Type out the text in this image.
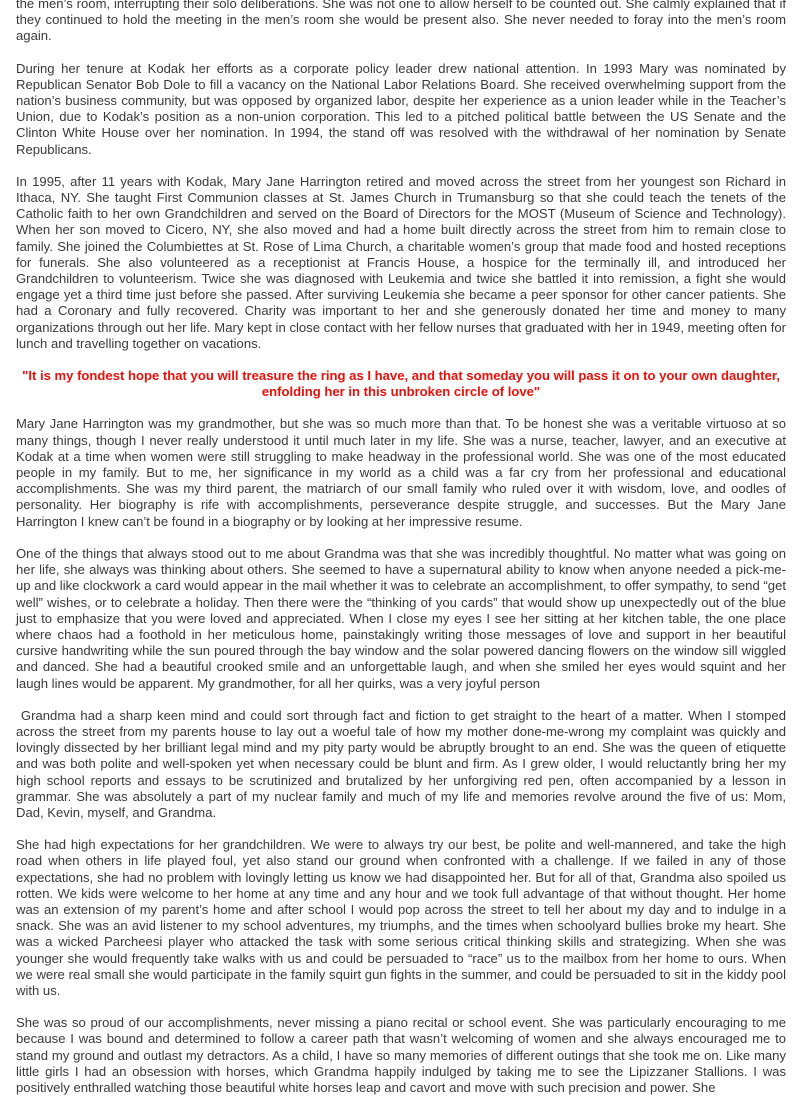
the men’s room, interrupting their solo deliberations. She was not one to allow herself to be counted out. She calmly explained that if they continued to hold the meeting in the men’s room she would be present also. She never needed to foray into the men’s room again.

During her tenure at Kodak her efforts as a corporate policy leader drew national attention. In 1993 Mary was nominated by Republican Senator Bob Dole to fill a vacancy on the National Labor Relations Board. She received overwhelming support from the nation’s business community, but was opposed by organized labor, despite her experience as a union leader while in the Teacher’s Union, due to Kodak’s position as a non-union corporation. This led to a pitched political battle between the US Senate and the Clinton White House over her nomination. In 1994, the stand off was resolved with the withdrawal of her nomination by Senate Republicans.

In 1995, after 11 years with Kodak, Mary Jane Harrington retired and moved across the street from her youngest son Richard in Ithaca, NY. She taught First Communion classes at St. James Church in Trumansburg so that she could teach the tenets of the Catholic faith to her own Grandchildren and served on the Board of Directors for the MOST (Museum of Science and Technology). When her son moved to Cicero, NY, she also moved and had a home built directly across the street from him to remain close to family. She joined the Columbiettes at St. Rose of Lima Church, a charitable women’s group that made food and hosted receptions for funerals. She also volunteered as a receptionist at Francis House, a hospice for the terminally ill, and introduced her Grandchildren to volunteerism. Twice she was diagnosed with Leukemia and twice she battled it into remission, a fight she would engage yet a third time just before she passed. After surviving Leukemia she became a peer sponsor for other cancer patients. She had a Coronary and fully recovered. Charity was important to her and she generously donated her time and money to many organizations through out her life. Mary kept in close contact with her fellow nurses that graduated with her in 1949, meeting often for lunch and travelling together on vacations.

"It is my fondest hope that you will treasure the ring as I have, and that someday you will pass it on to your own daughter, enfolding her in this unbroken circle of love"

Mary Jane Harrington was my grandmother, but she was so much more than that. To be honest she was a veritable virtuoso at so many things, though I never really understood it until much later in my life. She was a nurse, teacher, lawyer, and an executive at Kodak at a time when women were still struggling to make headway in the professional world. She was one of the most educated people in my family. But to me, her significance in my world as a child was a far cry from her professional and educational accomplishments. She was my third parent, the matriarch of our small family who ruled over it with wisdom, love, and oodles of personality. Her biography is rife with accomplishments, perseverance despite struggle, and successes. But the Mary Jane Harrington I knew can’t be found in a biography or by looking at her impressive resume.

One of the things that always stood out to me about Grandma was that she was incredibly thoughtful. No matter what was going on her life, she always was thinking about others. She seemed to have a supernatural ability to know when anyone needed a pick-me-up and like clockwork a card would appear in the mail whether it was to celebrate an accomplishment, to offer sympathy, to send “get well” wishes, or to celebrate a holiday. Then there were the “thinking of you cards” that would show up unexpectedly out of the blue just to emphasize that you were loved and appreciated. When I close my eyes I see her sitting at her kitchen table, the one place where chaos had a foothold in her meticulous home, painstakingly writing those messages of love and support in her beautiful cursive handwriting while the sun poured through the bay window and the solar powered dancing flowers on the window sill wiggled and danced. She had a beautiful crooked smile and an unforgettable laugh, and when she smiled her eyes would squint and her laugh lines would be apparent. My grandmother, for all her quirks, was a very joyful person

Grandma had a sharp keen mind and could sort through fact and fiction to get straight to the heart of a matter. When I stomped across the street from my parents house to lay out a woeful tale of how my mother done-me-wrong my complaint was quickly and lovingly dissected by her brilliant legal mind and my pity party would be abruptly brought to an end. She was the queen of etiquette and was both polite and well-spoken yet when necessary could be blunt and firm. As I grew older, I would reluctantly bring her my high school reports and essays to be scrutinized and brutalized by her unforgiving red pen, often accompanied by a lesson in grammar. She was absolutely a part of my nuclear family and much of my life and memories revolve around the five of us: Mom, Dad, Kevin, myself, and Grandma.

She had high expectations for her grandchildren. We were to always try our best, be polite and well-mannered, and take the high road when others in life played foul, yet also stand our ground when confronted with a challenge. If we failed in any of those expectations, she had no problem with lovingly letting us know we had disappointed her. But for all of that, Grandma also spoiled us rotten. We kids were welcome to her home at any time and any hour and we took full advantage of that without thought. Her home was an extension of my parent’s home and after school I would pop across the street to tell her about my day and to indulge in a snack. She was an avid listener to my school adventures, my triumphs, and the times when schoolyard bullies broke my heart. She was a wicked Parcheesi player who attacked the task with some serious critical thinking skills and strategizing. When she was younger she would frequently take walks with us and could be persuaded to “race” us to the mailbox from her home to ours. When we were real small she would participate in the family squirt gun fights in the summer, and could be persuaded to sit in the kiddy pool with us.

She was so proud of our accomplishments, never missing a piano recital or school event. She was particularly encouraging to me because I was bound and determined to follow a career path that wasn’t welcoming of women and she always encouraged me to stand my ground and outlast my detractors. As a child, I have so many memories of different outings that she took me on. Like many little girls I had an obsession with horses, which Grandma happily indulged by taking me to see the Lipizzaner Stallions. I was positively enthralled watching those beautiful white horses leap and cavort and move with such precision and power. She
